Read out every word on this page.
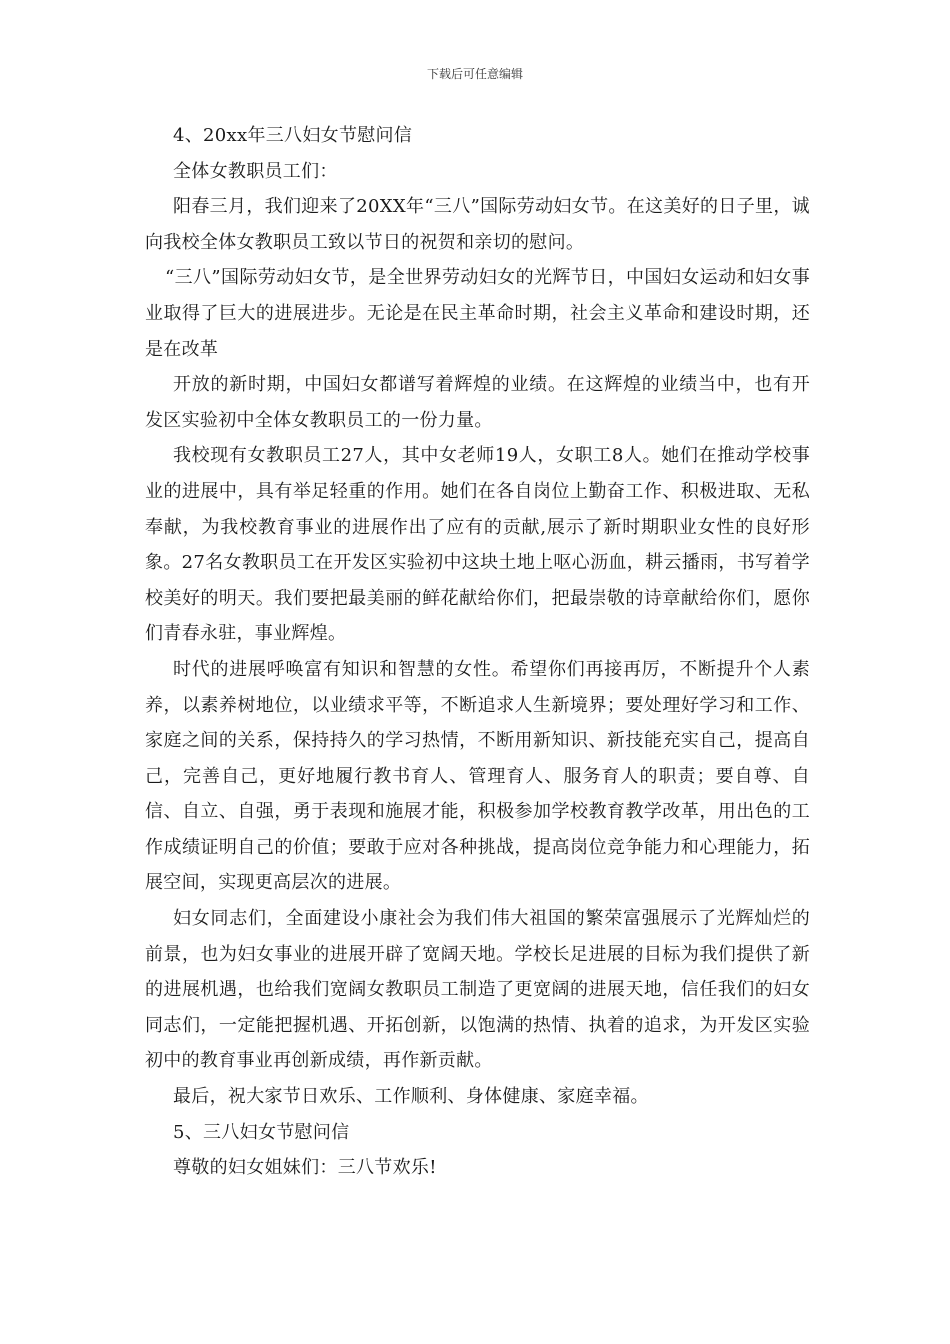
下载后可任意编辑

4、20xx年三八妇女节慰问信

全体女教职员工们：

阳春三月，我们迎来了20XX年“三八”国际劳动妇女节。在这美好的日子里，诚向我校全体女教职员工致以节日的祝贺和亲切的慰问。

“三八”国际劳动妇女节，是全世界劳动妇女的光辉节日，中国妇女运动和妇女事业取得了巨大的进展进步。无论是在民主革命时期，社会主义革命和建设时期，还是在改革

开放的新时期，中国妇女都谱写着辉煌的业绩。在这辉煌的业绩当中，也有开发区实验初中全体女教职员工的一份力量。

我校现有女教职员工27人，其中女老师19人，女职工8人。她们在推动学校事业的进展中，具有举足轻重的作用。她们在各自岗位上勤奋工作、积极进取、无私奉献，为我校教育事业的进展作出了应有的贡献,展示了新时期职业女性的良好形象。27名女教职员工在开发区实验初中这块土地上呕心沥血，耕云播雨，书写着学校美好的明天。我们要把最美丽的鲜花献给你们，把最崇敬的诗章献给你们，愿你们青春永驻，事业辉煌。

时代的进展呼唤富有知识和智慧的女性。希望你们再接再厉，不断提升个人素养，以素养树地位，以业绩求平等，不断追求人生新境界；要处理好学习和工作、家庭之间的关系，保持持久的学习热情，不断用新知识、新技能充实自己，提高自己，完善自己，更好地履行教书育人、管理育人、服务育人的职责；要自尊、自信、自立、自强，勇于表现和施展才能，积极参加学校教育教学改革，用出色的工作成绩证明自己的价值；要敢于应对各种挑战，提高岗位竞争能力和心理能力，拓展空间，实现更高层次的进展。

妇女同志们，全面建设小康社会为我们伟大祖国的繁荣富强展示了光辉灿烂的前景，也为妇女事业的进展开辟了宽阔天地。学校长足进展的目标为我们提供了新的进展机遇，也给我们宽阔女教职员工制造了更宽阔的进展天地，信任我们的妇女同志们，一定能把握机遇、开拓创新，以饱满的热情、执着的追求，为开发区实验初中的教育事业再创新成绩，再作新贡献。

最后，祝大家节日欢乐、工作顺利、身体健康、家庭幸福。

5、三八妇女节慰问信

尊敬的妇女姐妹们：三八节欢乐!
